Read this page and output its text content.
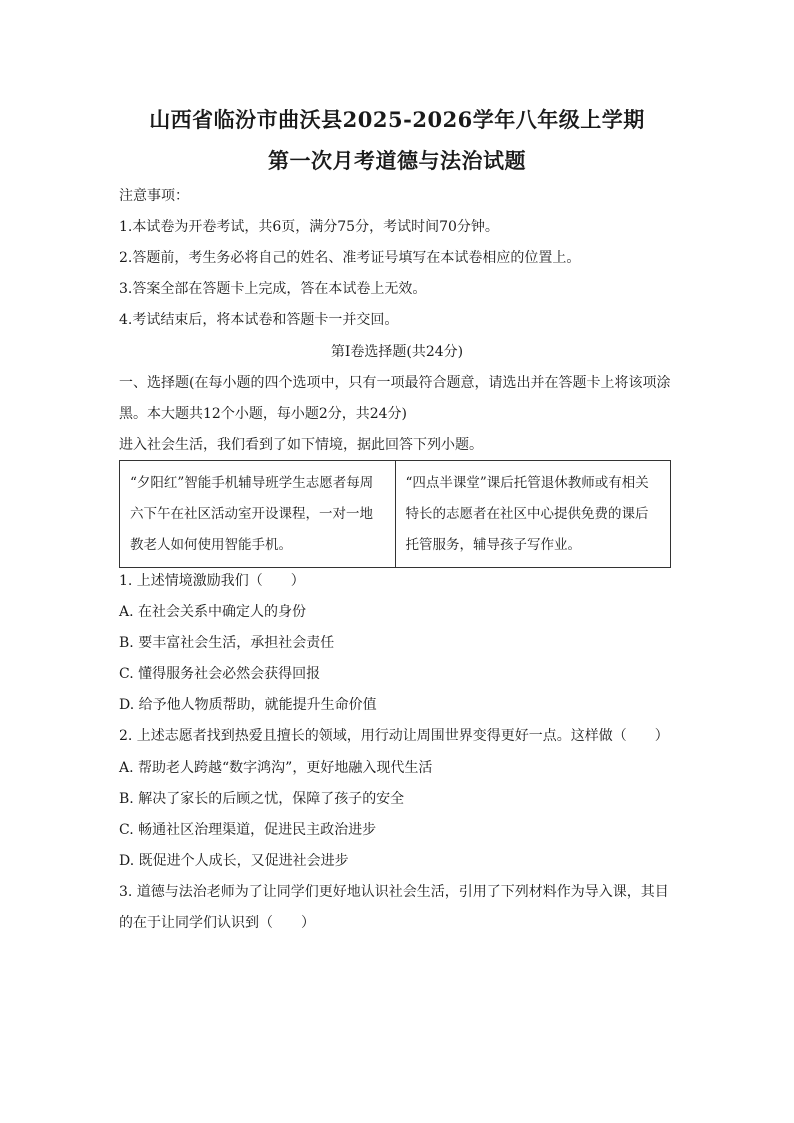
山西省临汾市曲沃县2025-2026学年八年级上学期
第一次月考道德与法治试题
注意事项：
1.本试卷为开卷考试，共6页，满分75分，考试时间70分钟。
2.答题前，考生务必将自己的姓名、准考证号填写在本试卷相应的位置上。
3.答案全部在答题卡上完成，答在本试卷上无效。
4.考试结束后，将本试卷和答题卡一并交回。
第Ⅰ卷选择题(共24分)
一、选择题(在每小题的四个选项中，只有一项最符合题意，请选出并在答题卡上将该项涂
黑。本大题共12个小题，每小题2分，共24分)
进入社会生活，我们看到了如下情境，据此回答下列小题。
“夕阳红”智能手机辅导班学生志愿者每周六下午在社区活动室开设课程，一对一地教老人如何使用智能手机。	“四点半课堂”课后托管退休教师或有相关特长的志愿者在社区中心提供免费的课后托管服务，辅导孩子写作业。
1. 上述情境激励我们（　　）
A. 在社会关系中确定人的身份
B. 要丰富社会生活，承担社会责任
C. 懂得服务社会必然会获得回报
D. 给予他人物质帮助，就能提升生命价值
2. 上述志愿者找到热爱且擅长的领域，用行动让周围世界变得更好一点。这样做（　　）
A. 帮助老人跨越“数字鸿沟”，更好地融入现代生活
B. 解决了家长的后顾之忧，保障了孩子的安全
C. 畅通社区治理渠道，促进民主政治进步
D. 既促进个人成长，又促进社会进步
3. 道德与法治老师为了让同学们更好地认识社会生活，引用了下列材料作为导入课，其目
的在于让同学们认识到（　　）
